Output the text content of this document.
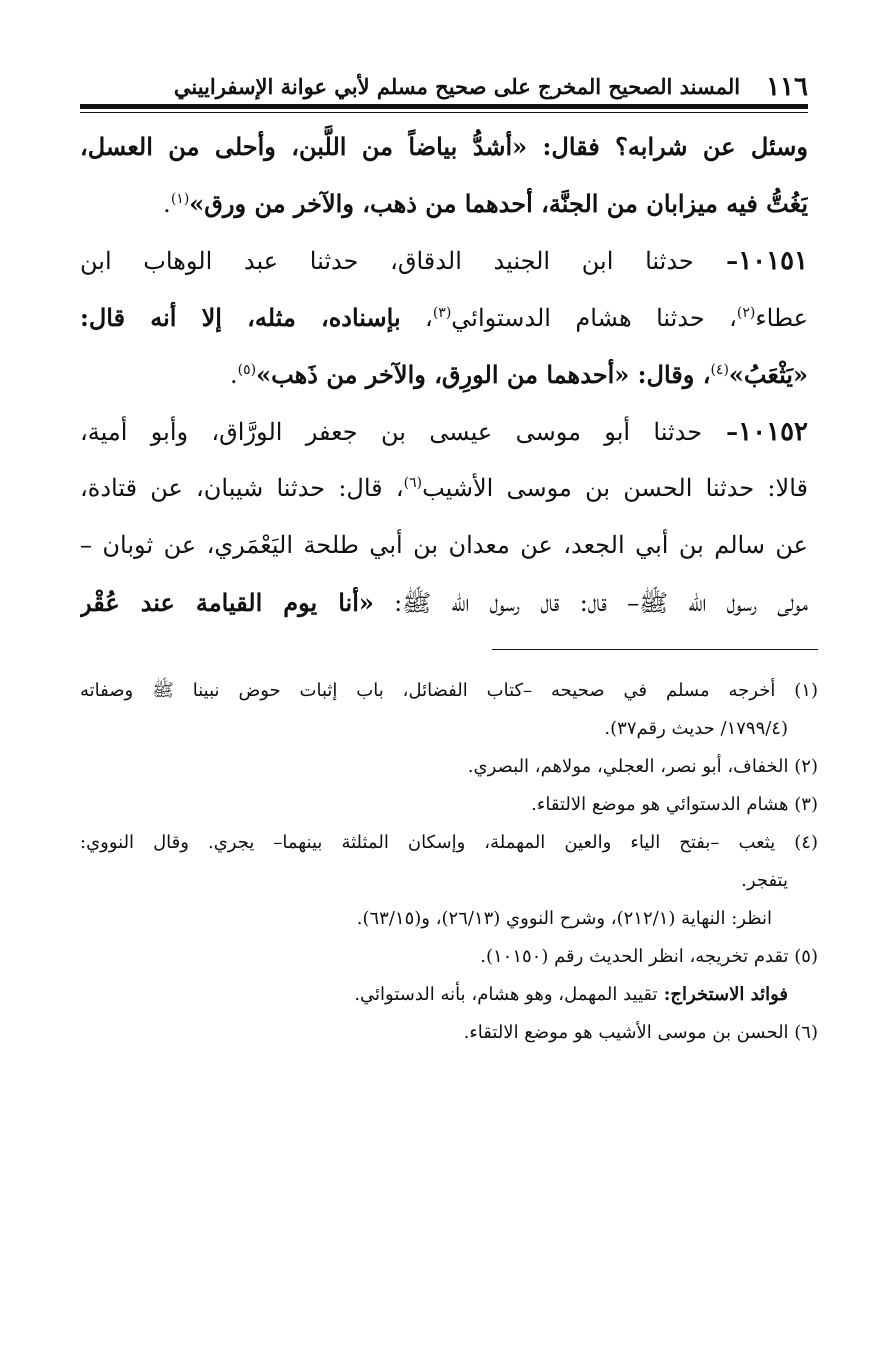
١١٦
المسند الصحيح المخرج على صحيح مسلم لأبي عوانة الإسفراييني
وسئل عن شرابه؟ فقال: «أشدُّ بياضاً من اللَّبن، وأحلى من العسل،
يَغُتُّ فيه ميزابان من الجنَّة، أحدهما من ذهب، والآخر من ورق»$^{(١)}$.
١٠١٥١– حدثنا ابن الجنيد الدقاق، حدثنا عبد الوهاب ابن
عطاء$^{(٢)}$، حدثنا هشام الدستوائي$^{(٣)}$، بإسناده، مثله، إلا أنه قال:
«يَثْعَبُ»$^{(٤)}$، وقال: «أحدهما من الورِق، والآخر من ذَهب»$^{(٥)}$.
١٠١٥٢– حدثنا أبو موسى عيسى بن جعفر الورَّاق، وأبو أمية،
قالا: حدثنا الحسن بن موسى الأشيب$^{(٦)}$، قال: حدثنا شيبان، عن قتادة،
عن سالم بن أبي الجعد، عن معدان بن أبي طلحة اليَعْمَري، عن ثوبان –
مولى رسول الله ﷺ– قال: قال رسول الله ﷺ: «أنا يوم القيامة عند عُقْر
(١) أخرجه مسلم في صحيحه –كتاب الفضائل، باب إثبات حوض نبينا ﷺ وصفاته
(١٧٩٩/٤/ حديث رقم٣٧).
(٢) الخفاف، أبو نصر، العجلي، مولاهم، البصري.
(٣) هشام الدستوائي هو موضع الالتقاء.
(٤) يثعب –بفتح الياء والعين المهملة، وإسكان المثلثة بينهما– يجري. وقال النووي:
يتفجر.
انظر: النهاية (٢١٢/١)، وشرح النووي (٢٦/١٣)، و(٦٣/١٥).
(٥) تقدم تخريجه، انظر الحديث رقم (١٠١٥٠).
فوائد الاستخراج: تقييد المهمل، وهو هشام، بأنه الدستوائي.
(٦) الحسن بن موسى الأشيب هو موضع الالتقاء.
